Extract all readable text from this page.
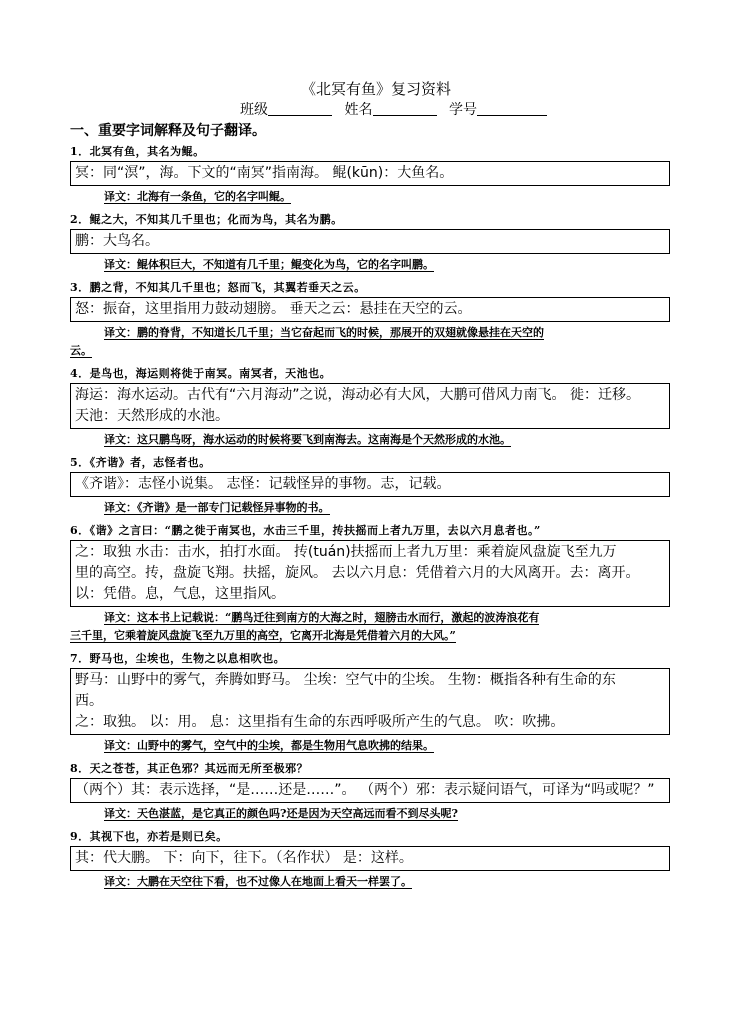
《北冥有鱼》复习资料
班级	姓名	学号
一、重要字词解释及句子翻译。
1．北冥有鱼，其名为鲲。

冥：同“溟”，海。下文的“南冥”指南海。 鲲(kūn)：大鱼名。

译文：北海有一条鱼，它的名字叫鲲。
2．鲲之大，不知其几千里也；化而为鸟，其名为鹏。

鹏：大鸟名。

译文：鲲体积巨大，不知道有几千里；鲲变化为鸟，它的名字叫鹏。
3．鹏之背，不知其几千里也；怒而飞，其翼若垂天之云。

怒：振奋，这里指用力鼓动翅膀。 垂天之云：悬挂在天空的云。

译文：鹏的脊背，不知道长几千里；当它奋起而飞的时候，那展开的双翅就像悬挂在天空的
云。
4．是鸟也，海运则将徙于南冥。南冥者，天池也。

海运：海水运动。古代有“六月海动”之说，海动必有大风，大鹏可借风力南飞。 徙：迁移。

天池：天然形成的水池。

译文：这只鹏鸟呀，海水运动的时候将要飞到南海去。这南海是个天然形成的水池。
5．《齐谐》者，志怪者也。

《齐谐》：志怪小说集。 志怪：记载怪异的事物。志，记载。

译文：《齐谐》是一部专门记载怪异事物的书。
6．《谐》之言曰：“鹏之徙于南冥也，水击三千里，抟扶摇而上者九万里，去以六月息者也。”

之：取独 水击：击水，拍打水面。 抟(tuán)扶摇而上者九万里：乘着旋风盘旋飞至九万

里的高空。抟，盘旋飞翔。扶摇，旋风。 去以六月息：凭借着六月的大风离开。去：离开。

以：凭借。息，气息，这里指风。

译文：这本书上记载说：“鹏鸟迁往到南方的大海之时，翅膀击水而行，激起的波涛浪花有
三千里，它乘着旋风盘旋飞至九万里的高空，它离开北海是凭借着六月的大风。”
7．野马也，尘埃也，生物之以息相吹也。

野马：山野中的雾气，奔腾如野马。 尘埃：空气中的尘埃。 生物：概指各种有生命的东

西。

之：取独。 以：用。 息：这里指有生命的东西呼吸所产生的气息。 吹：吹拂。

译文：山野中的雾气，空气中的尘埃，都是生物用气息吹拂的结果。
8．天之苍苍，其正色邪？其远而无所至极邪？

（两个）其：表示选择，“是……还是……”。 （两个）邪：表示疑问语气，可译为“吗或呢？”

译文：天色湛蓝，是它真正的颜色吗?还是因为天空高远而看不到尽头呢?
9．其视下也，亦若是则已矣。

其：代大鹏。 下：向下，往下。（名作状） 是：这样。

译文：大鹏在天空往下看，也不过像人在地面上看天一样罢了。
